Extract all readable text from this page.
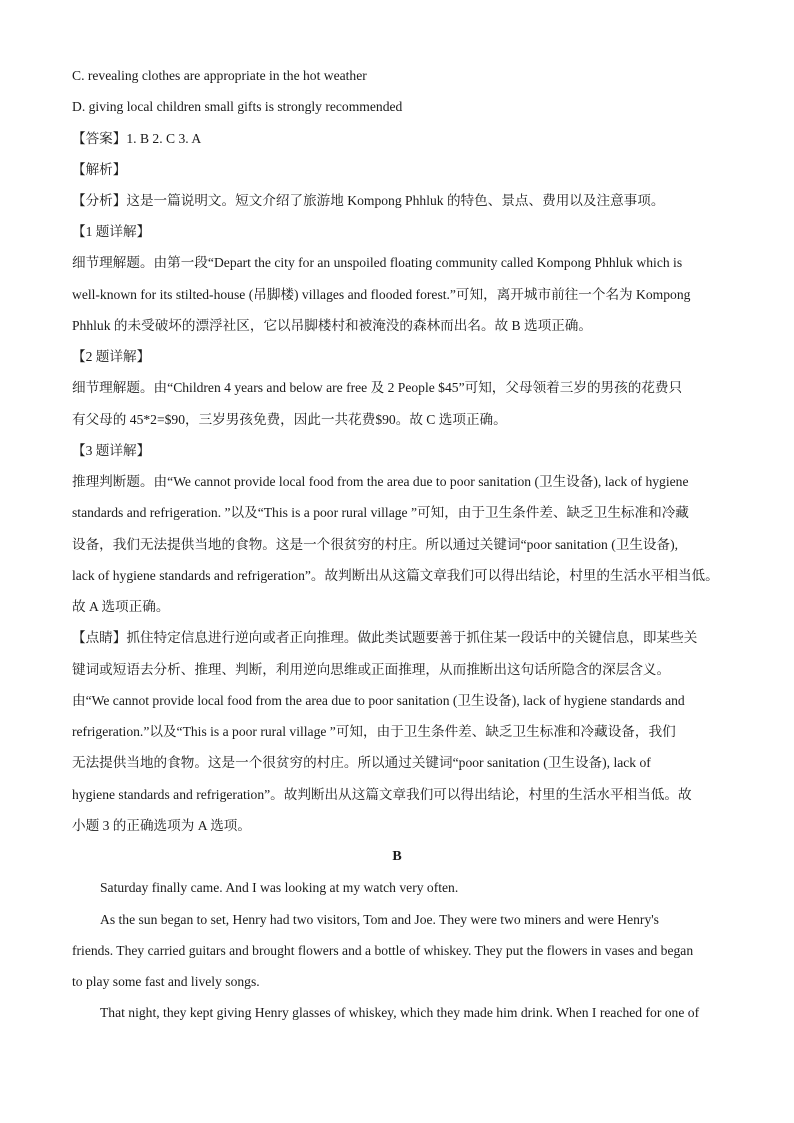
C. revealing clothes are appropriate in the hot weather
D. giving local children small gifts is strongly recommended
【答案】1. B 2. C 3. A
【解析】
【分析】这是一篇说明文。短文介绍了旅游地 Kompong Phhluk 的特色、景点、费用以及注意事项。
【1 题详解】
细节理解题。由第一段“Depart the city for an unspoiled floating community called Kompong Phhluk which is
well-known for its stilted-house (吊脚楼) villages and flooded forest.”可知，离开城市前往一个名为 Kompong
Phhluk 的未受破坏的漂浮社区，它以吊脚楼村和被淹没的森林而出名。故 B 选项正确。
【2 题详解】
细节理解题。由“Children 4 years and below are free 及 2 People $45”可知，父母领着三岁的男孩的花费只
有父母的 45*2=$90，三岁男孩免费，因此一共花费$90。故 C 选项正确。
【3 题详解】
推理判断题。由“We cannot provide local food from the area due to poor sanitation (卫生设备), lack of hygiene
standards and refrigeration. ”以及“This is a poor rural village ”可知，由于卫生条件差、缺乏卫生标准和冷藏
设备，我们无法提供当地的食物。这是一个很贫穷的村庄。所以通过关键词“poor sanitation (卫生设备),
lack of hygiene standards and refrigeration”。故判断出从这篇文章我们可以得出结论，村里的生活水平相当低。
故 A 选项正确。
【点睛】抓住特定信息进行逆向或者正向推理。做此类试题要善于抓住某一段话中的关键信息，即某些关
键词或短语去分析、推理、判断，利用逆向思维或正面推理，从而推断出这句话所隐含的深层含义。
由“We cannot provide local food from the area due to poor sanitation (卫生设备), lack of hygiene standards and
refrigeration.”以及“This is a poor rural village ”可知，由于卫生条件差、缺乏卫生标准和冷藏设备，我们
无法提供当地的食物。这是一个很贫穷的村庄。所以通过关键词“poor sanitation (卫生设备), lack of
hygiene standards and refrigeration”。故判断出从这篇文章我们可以得出结论，村里的生活水平相当低。故
小题 3 的正确选项为 A 选项。
B
Saturday finally came. And I was looking at my watch very often.
As the sun began to set, Henry had two visitors, Tom and Joe. They were two miners and were Henry's
friends. They carried guitars and brought flowers and a bottle of whiskey. They put the flowers in vases and began
to play some fast and lively songs.
That night, they kept giving Henry glasses of whiskey, which they made him drink. When I reached for one of
